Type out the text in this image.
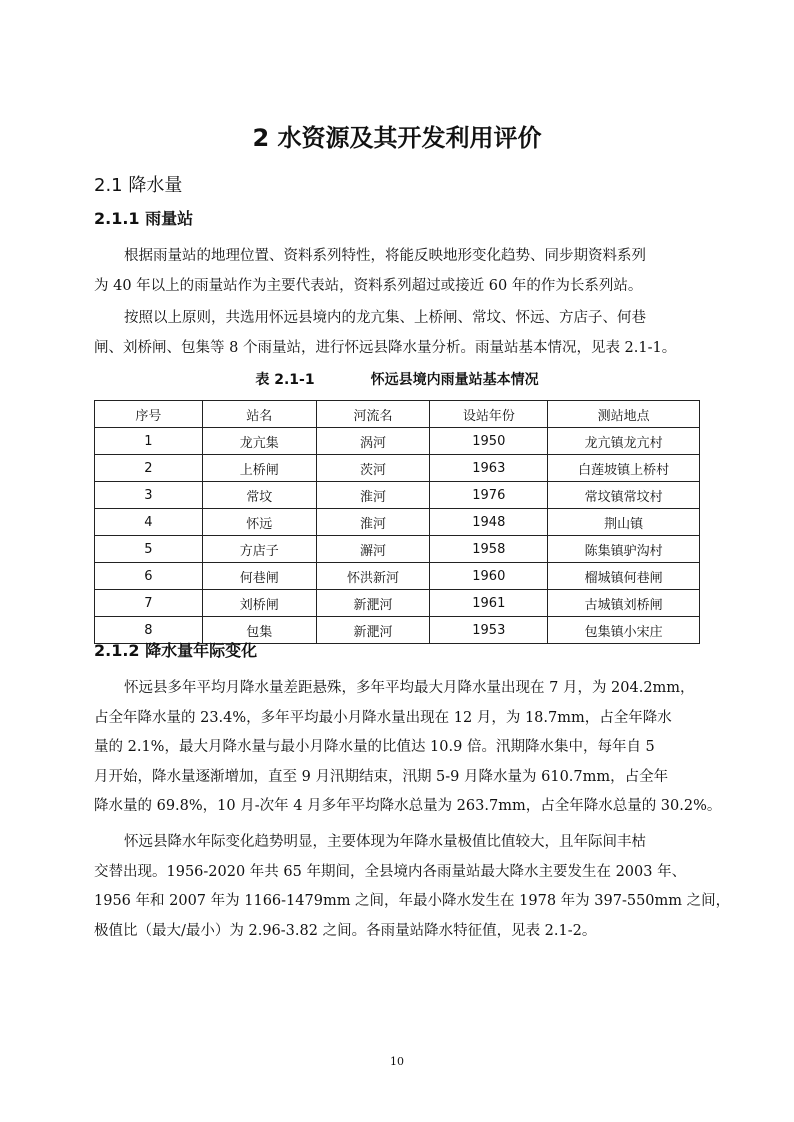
2 水资源及其开发利用评价
2.1 降水量
2.1.1 雨量站
根据雨量站的地理位置、资料系列特性，将能反映地形变化趋势、同步期资料系列
为 40 年以上的雨量站作为主要代表站，资料系列超过或接近 60 年的作为长系列站。
按照以上原则，共选用怀远县境内的龙亢集、上桥闸、常坟、怀远、方店子、何巷
闸、刘桥闸、包集等 8 个雨量站，进行怀远县降水量分析。雨量站基本情况，见表 2.1-1。
表 2.1-1	怀远县境内雨量站基本情况
序号	站名	河流名	设站年份	测站地点
1	龙亢集	涡河	1950	龙亢镇龙亢村
2	上桥闸	茨河	1963	白莲坡镇上桥村
3	常坟	淮河	1976	常坟镇常坟村
4	怀远	淮河	1948	荆山镇
5	方店子	澥河	1958	陈集镇驴沟村
6	何巷闸	怀洪新河	1960	榴城镇何巷闸
7	刘桥闸	新淝河	1961	古城镇刘桥闸
8	包集	新淝河	1953	包集镇小宋庄
2.1.2 降水量年际变化
怀远县多年平均月降水量差距悬殊，多年平均最大月降水量出现在 7 月，为 204.2mm，
占全年降水量的 23.4%，多年平均最小月降水量出现在 12 月，为 18.7mm，占全年降水
量的 2.1%，最大月降水量与最小月降水量的比值达 10.9 倍。汛期降水集中，每年自 5
月开始，降水量逐渐增加，直至 9 月汛期结束，汛期 5-9 月降水量为 610.7mm，占全年
降水量的 69.8%，10 月-次年 4 月多年平均降水总量为 263.7mm，占全年降水总量的 30.2%。
怀远县降水年际变化趋势明显，主要体现为年降水量极值比值较大，且年际间丰枯
交替出现。1956-2020 年共 65 年期间，全县境内各雨量站最大降水主要发生在 2003 年、
1956 年和 2007 年为 1166-1479mm 之间，年最小降水发生在 1978 年为 397-550mm 之间，
极值比（最大/最小）为 2.96-3.82 之间。各雨量站降水特征值，见表 2.1-2。
10
